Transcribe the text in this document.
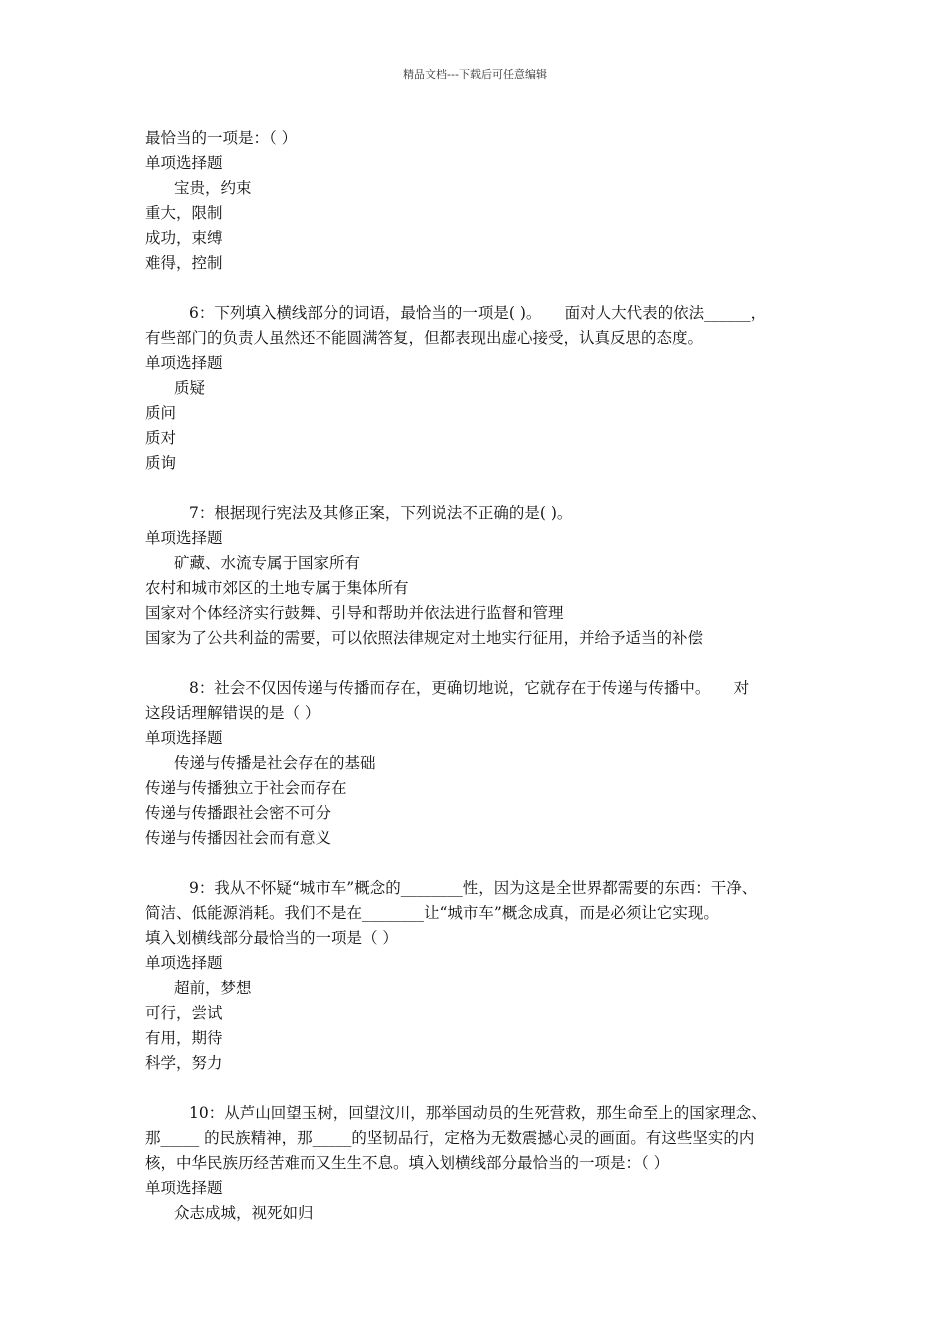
精品文档---下载后可任意编辑
最恰当的一项是：（ ）
单项选择题
宝贵，约束
重大，限制
成功，束缚
难得，控制
6：下列填入横线部分的词语，最恰当的一项是( )。　　面对人大代表的依法______，
有些部门的负责人虽然还不能圆满答复，但都表现出虚心接受，认真反思的态度。
单项选择题
质疑
质问
质对
质询
7：根据现行宪法及其修正案，下列说法不正确的是( )。
单项选择题
矿藏、水流专属于国家所有
农村和城市郊区的土地专属于集体所有
国家对个体经济实行鼓舞、引导和帮助并依法进行监督和管理
国家为了公共利益的需要，可以依照法律规定对土地实行征用，并给予适当的补偿
8：社会不仅因传递与传播而存在，更确切地说，它就存在于传递与传播中。　　对
这段话理解错误的是（ ）
单项选择题
传递与传播是社会存在的基础
传递与传播独立于社会而存在
传递与传播跟社会密不可分
传递与传播因社会而有意义
9：我从不怀疑“城市车”概念的________性，因为这是全世界都需要的东西：干净、
简洁、低能源消耗。我们不是在________让“城市车”概念成真，而是必须让它实现。
填入划横线部分最恰当的一项是（ ）
单项选择题
超前，梦想
可行，尝试
有用，期待
科学，努力
10：从芦山回望玉树，回望汶川，那举国动员的生死营救，那生命至上的国家理念、
那_____ 的民族精神，那_____的坚韧品行，定格为无数震撼心灵的画面。有这些坚实的内
核，中华民族历经苦难而又生生不息。填入划横线部分最恰当的一项是：（ ）
单项选择题
众志成城，视死如归
